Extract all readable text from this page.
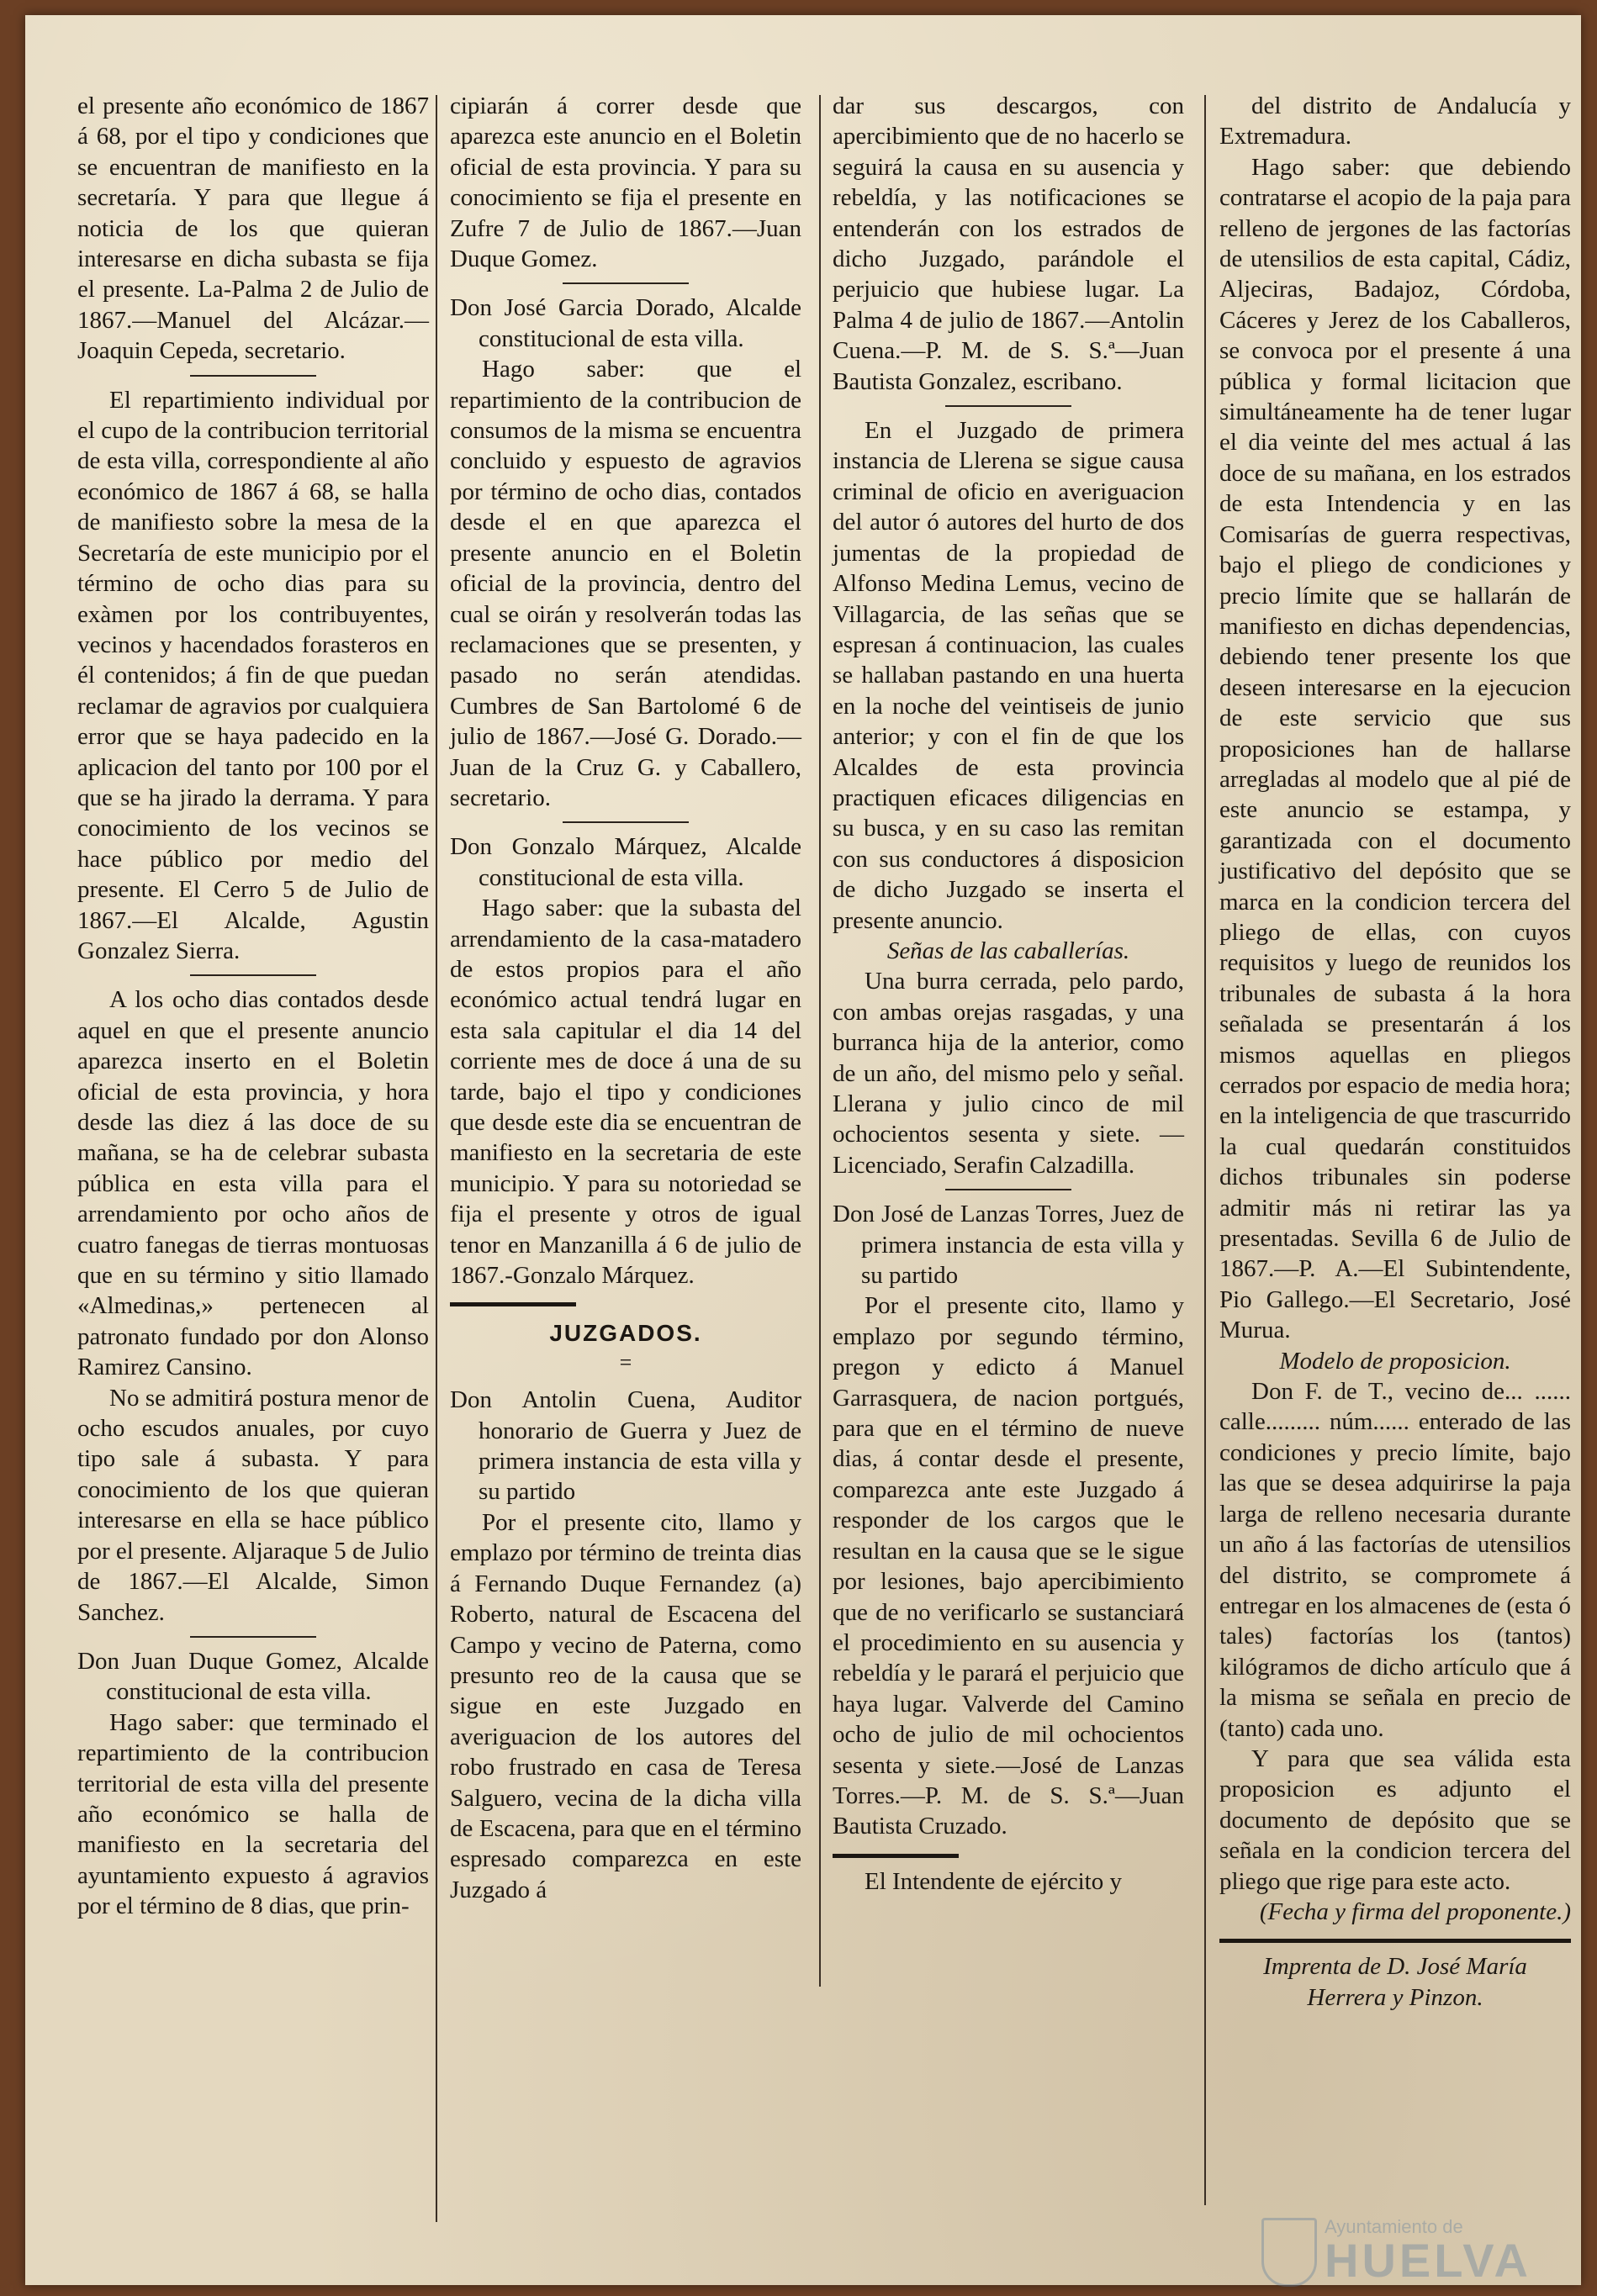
el presente año económico de 1867 á 68, por el tipo y condiciones que se encuentran de manifiesto en la secretaría. Y para que llegue á noticia de los que quieran interesarse en dicha subasta se fija el presente. La-Palma 2 de Julio de 1867.—Manuel del Alcázar.—Joaquin Cepeda, secretario.

El repartimiento individual por el cupo de la contribucion territorial de esta villa, correspondiente al año económico de 1867 á 68, se halla de manifiesto sobre la mesa de la Secretaría de este municipio por el término de ocho dias para su exàmen por los contribuyentes, vecinos y hacendados forasteros en él contenidos; á fin de que puedan reclamar de agravios por cualquiera error que se haya padecido en la aplicacion del tanto por 100 por el que se ha jirado la derrama. Y para conocimiento de los vecinos se hace público por medio del presente. El Cerro 5 de Julio de 1867.—El Alcalde, Agustin Gonzalez Sierra.

A los ocho dias contados desde aquel en que el presente anuncio aparezca inserto en el Boletin oficial de esta provincia, y hora desde las diez á las doce de su mañana, se ha de celebrar subasta pública en esta villa para el arrendamiento por ocho años de cuatro fanegas de tierras montuosas que en su término y sitio llamado «Almedinas,» pertenecen al patronato fundado por don Alonso Ramirez Cansino.

No se admitirá postura menor de ocho escudos anuales, por cuyo tipo sale á subasta. Y para conocimiento de los que quieran interesarse en ella se hace público por el presente. Aljaraque 5 de Julio de 1867.—El Alcalde, Simon Sanchez.

Don Juan Duque Gomez, Alcalde constitucional de esta villa.

Hago saber: que terminado el repartimiento de la contribucion territorial de esta villa del presente año económico se halla de manifiesto en la secretaria del ayuntamiento expuesto á agravios por el término de 8 dias, que prin-

cipiarán á correr desde que aparezca este anuncio en el Boletin oficial de esta provincia. Y para su conocimiento se fija el presente en Zufre 7 de Julio de 1867.—Juan Duque Gomez.

Don José Garcia Dorado, Alcalde constitucional de esta villa.

Hago saber: que el repartimiento de la contribucion de consumos de la misma se encuentra concluido y espuesto de agravios por término de ocho dias, contados desde el en que aparezca el presente anuncio en el Boletin oficial de la provincia, dentro del cual se oirán y resolverán todas las reclamaciones que se presenten, y pasado no serán atendidas. Cumbres de San Bartolomé 6 de julio de 1867.—José G. Dorado.—Juan de la Cruz G. y Caballero, secretario.

Don Gonzalo Márquez, Alcalde constitucional de esta villa.

Hago saber: que la subasta del arrendamiento de la casa-matadero de estos propios para el año económico actual tendrá lugar en esta sala capitular el dia 14 del corriente mes de doce á una de su tarde, bajo el tipo y condiciones que desde este dia se encuentran de manifiesto en la secretaria de este municipio. Y para su notoriedad se fija el presente y otros de igual tenor en Manzanilla á 6 de julio de 1867.-Gonzalo Márquez.

JUZGADOS.
=

Don Antolin Cuena, Auditor honorario de Guerra y Juez de primera instancia de esta villa y su partido

Por el presente cito, llamo y emplazo por término de treinta dias á Fernando Duque Fernandez (a) Roberto, natural de Escacena del Campo y vecino de Paterna, como presunto reo de la causa que se sigue en este Juzgado en averiguacion de los autores del robo frustrado en casa de Teresa Salguero, vecina de la dicha villa de Escacena, para que en el término espresado comparezca en este Juzgado á

dar sus descargos, con apercibimiento que de no hacerlo se seguirá la causa en su ausencia y rebeldía, y las notificaciones se entenderán con los estrados de dicho Juzgado, parándole el perjuicio que hubiese lugar. La Palma 4 de julio de 1867.—Antolin Cuena.—P. M. de S. S.ª—Juan Bautista Gonzalez, escribano.

En el Juzgado de primera instancia de Llerena se sigue causa criminal de oficio en averiguacion del autor ó autores del hurto de dos jumentas de la propiedad de Alfonso Medina Lemus, vecino de Villagarcia, de las señas que se espresan á continuacion, las cuales se hallaban pastando en una huerta en la noche del veintiseis de junio anterior; y con el fin de que los Alcaldes de esta provincia practiquen eficaces diligencias en su busca, y en su caso las remitan con sus conductores á disposicion de dicho Juzgado se inserta el presente anuncio.

Señas de las caballerías.

Una burra cerrada, pelo pardo, con ambas orejas rasgadas, y una burranca hija de la anterior, como de un año, del mismo pelo y señal. Llerana y julio cinco de mil ochocientos sesenta y siete. —Licenciado, Serafin Calzadilla.

Don José de Lanzas Torres, Juez de primera instancia de esta villa y su partido

Por el presente cito, llamo y emplazo por segundo término, pregon y edicto á Manuel Garrasquera, de nacion portgués, para que en el término de nueve dias, á contar desde el presente, comparezca ante este Juzgado á responder de los cargos que le resultan en la causa que se le sigue por lesiones, bajo apercibimiento que de no verificarlo se sustanciará el procedimiento en su ausencia y rebeldía y le parará el perjuicio que haya lugar. Valverde del Camino ocho de julio de mil ochocientos sesenta y siete.—José de Lanzas Torres.—P. M. de S. S.ª—Juan Bautista Cruzado.

El Intendente de ejército y

del distrito de Andalucía y Extremadura.

Hago saber: que debiendo contratarse el acopio de la paja para relleno de jergones de las factorías de utensilios de esta capital, Cádiz, Aljeciras, Badajoz, Córdoba, Cáceres y Jerez de los Caballeros, se convoca por el presente á una pública y formal licitacion que simultáneamente ha de tener lugar el dia veinte del mes actual á las doce de su mañana, en los estrados de esta Intendencia y en las Comisarías de guerra respectivas, bajo el pliego de condiciones y precio límite que se hallarán de manifiesto en dichas dependencias, debiendo tener presente los que deseen interesarse en la ejecucion de este servicio que sus proposiciones han de hallarse arregladas al modelo que al pié de este anuncio se estampa, y garantizada con el documento justificativo del depósito que se marca en la condicion tercera del pliego de ellas, con cuyos requisitos y luego de reunidos los tribunales de subasta á la hora señalada se presentarán á los mismos aquellas en pliegos cerrados por espacio de media hora; en la inteligencia de que trascurrido la cual quedarán constituidos dichos tribunales sin poderse admitir más ni retirar las ya presentadas. Sevilla 6 de Julio de 1867.—P. A.—El Subintendente, Pio Gallego.—El Secretario, José Murua.

Modelo de proposicion.

Don F. de T., vecino de... ...... calle......... núm...... enterado de las condiciones y precio límite, bajo las que se desea adquirirse la paja larga de relleno necesaria durante un año á las factorías de utensilios del distrito, se compromete á entregar en los almacenes de (esta ó tales) factorías los (tantos) kilógramos de dicho artículo que á la misma se señala en precio de (tanto) cada uno.

Y para que sea válida esta proposicion es adjunto el documento de depósito que se señala en la condicion tercera del pliego que rige para este acto.

(Fecha y firma del proponente.)

Imprenta de D. José María

Herrera y Pinzon.

Ayuntamiento de
HUELVA
